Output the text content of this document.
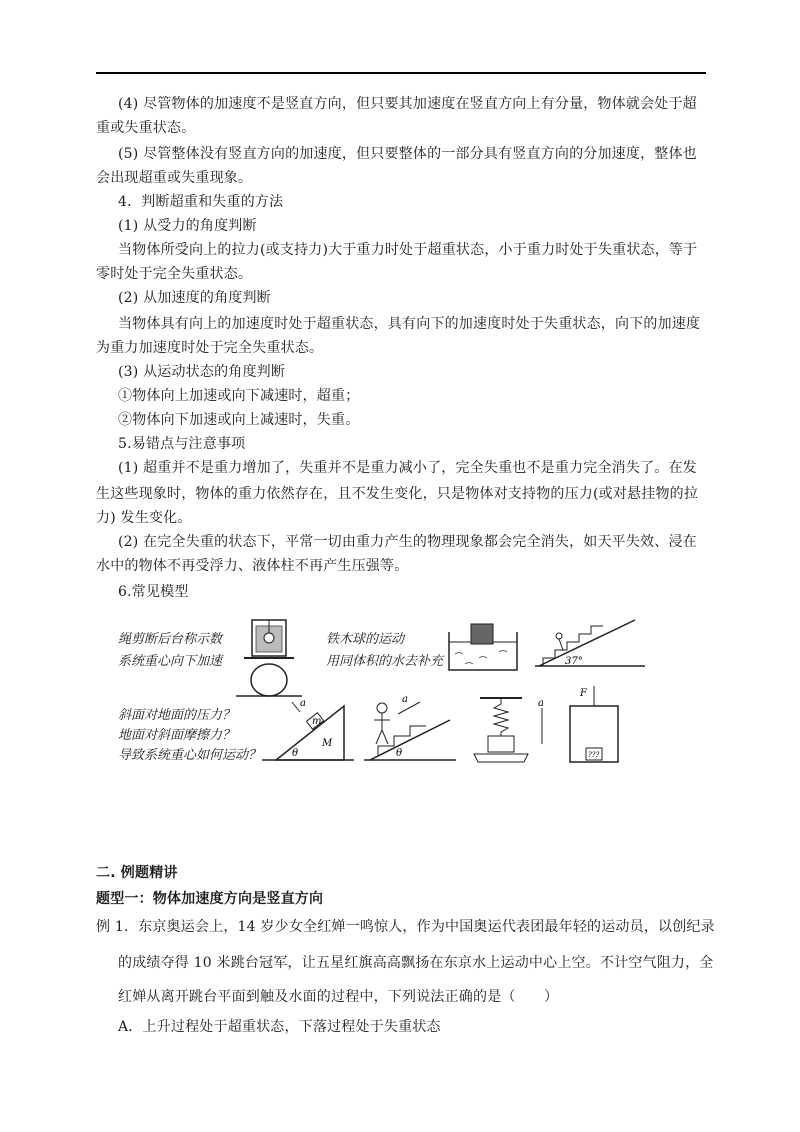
(4) 尽管物体的加速度不是竖直方向，但只要其加速度在竖直方向上有分量，物体就会处于超
重或失重状态。
(5) 尽管整体没有竖直方向的加速度，但只要整体的一部分具有竖直方向的分加速度，整体也
会出现超重或失重现象。
4．判断超重和失重的方法
(1) 从受力的角度判断
当物体所受向上的拉力(或支持力)大于重力时处于超重状态，小于重力时处于失重状态，等于
零时处于完全失重状态。
(2) 从加速度的角度判断
当物体具有向上的加速度时处于超重状态，具有向下的加速度时处于失重状态，向下的加速度
为重力加速度时处于完全失重状态。
(3) 从运动状态的角度判断
①物体向上加速或向下减速时，超重；
②物体向下加速或向上减速时，失重。
5.易错点与注意事项
(1) 超重并不是重力增加了，失重并不是重力减小了，完全失重也不是重力完全消失了。在发
生这些现象时，物体的重力依然存在，且不发生变化，只是物体对支持物的压力(或对悬挂物的拉
力) 发生变化。
(2) 在完全失重的状态下，平常一切由重力产生的物理现象都会完全消失，如天平失效、浸在
水中的物体不再受浮力、液体柱不再产生压强等。
6.常见模型
绳剪断后台称示数
系统重心向下加速
铁木球的运动
用同体积的水去补充
斜面对地面的压力？
地面对斜面摩擦力？
导致系统重心如何运动？
37°
m
M
θ
a	a
θ
a
F
???
二. 例题精讲
题型一：物体加速度方向是竖直方向
例 1．东京奥运会上，14 岁少女全红婵一鸣惊人，作为中国奥运代表团最年轻的运动员，以创纪录
的成绩夺得 10 米跳台冠军，让五星红旗高高飘扬在东京水上运动中心上空。不计空气阻力，全
红婵从离开跳台平面到触及水面的过程中，下列说法正确的是（　　）
A．上升过程处于超重状态，下落过程处于失重状态
